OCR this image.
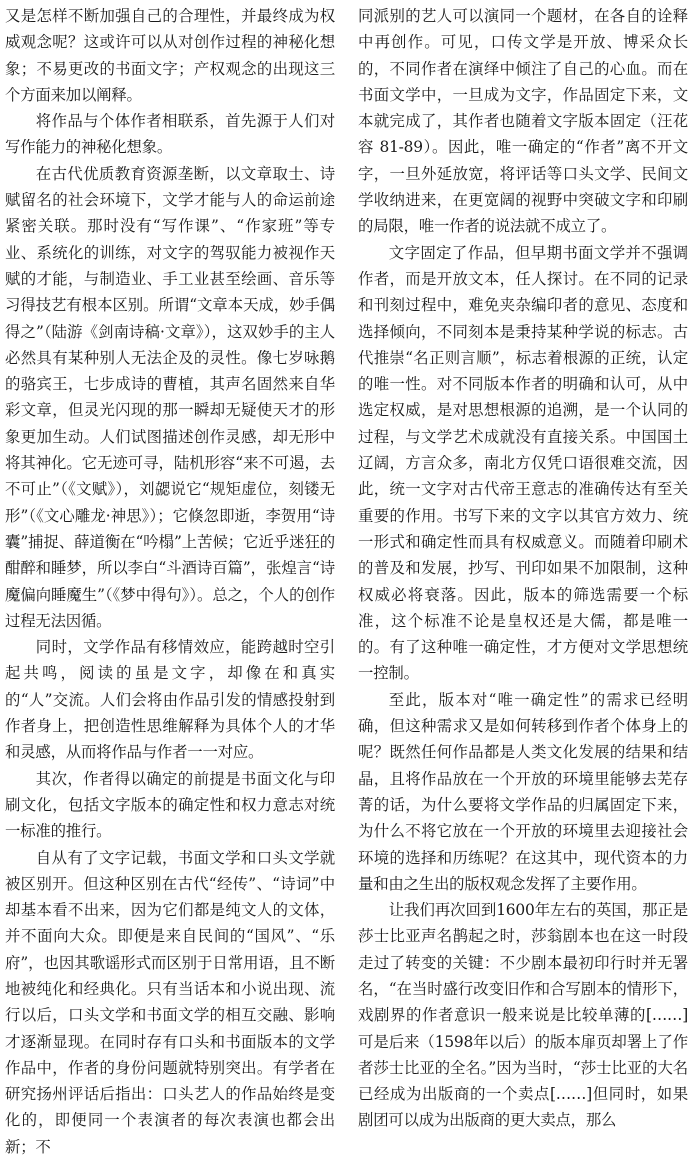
又是怎样不断加强自己的合理性，并最终成为权威观念呢？这或许可以从对创作过程的神秘化想象；不易更改的书面文字；产权观念的出现这三个方面来加以阐释。

将作品与个体作者相联系，首先源于人们对写作能力的神秘化想象。

在古代优质教育资源垄断，以文章取士、诗赋留名的社会环境下，文学才能与人的命运前途紧密关联。那时没有“写作课”、“作家班”等专业、系统化的训练，对文字的驾驭能力被视作天赋的才能，与制造业、手工业甚至绘画、音乐等习得技艺有根本区别。所谓“文章本天成，妙手偶得之”（陆游《剑南诗稿·文章》），这双妙手的主人必然具有某种别人无法企及的灵性。像七岁咏鹅的骆宾王，七步成诗的曹植，其声名固然来自华彩文章，但灵光闪现的那一瞬却无疑使天才的形象更加生动。人们试图描述创作灵感，却无形中将其神化。它无迹可寻，陆机形容“来不可遏，去不可止”（《文赋》），刘勰说它“规矩虚位，刻镂无形”（《文心雕龙·神思》）；它倏忽即逝，李贺用“诗囊”捕捉、薛道衡在“吟榻”上苦候；它近乎迷狂的酣醉和睡梦，所以李白“斗酒诗百篇”，张煌言“诗魔偏向睡魔生”（《梦中得句》）。总之，个人的创作过程无法因循。

同时，文学作品有移情效应，能跨越时空引起共鸣，阅读的虽是文字，却像在和真实的“人”交流。人们会将由作品引发的情感投射到作者身上，把创造性思维解释为具体个人的才华和灵感，从而将作品与作者一一对应。

其次，作者得以确定的前提是书面文化与印刷文化，包括文字版本的确定性和权力意志对统一标准的推行。

自从有了文字记载，书面文学和口头文学就被区别开。但这种区别在古代“经传”、“诗词”中却基本看不出来，因为它们都是纯文人的文体，并不面向大众。即便是来自民间的“国风”、“乐府”，也因其歌谣形式而区别于日常用语，且不断地被纯化和经典化。只有当话本和小说出现、流行以后，口头文学和书面文学的相互交融、影响才逐渐显现。在同时存有口头和书面版本的文学作品中，作者的身份问题就特别突出。有学者在研究扬州评话后指出：口头艺人的作品始终是变化的，即便同一个表演者的每次表演也都会出新；不

同派别的艺人可以演同一个题材，在各自的诠释中再创作。可见，口传文学是开放、博采众长的，不同作者在演绎中倾注了自己的心血。而在书面文学中，一旦成为文字，作品固定下来，文本就完成了，其作者也随着文字版本固定（汪花容 81-89）。因此，唯一确定的“作者”离不开文字，一旦外延放宽，将评话等口头文学、民间文学收纳进来，在更宽阔的视野中突破文字和印刷的局限，唯一作者的说法就不成立了。

文字固定了作品，但早期书面文学并不强调作者，而是开放文本，任人探讨。在不同的记录和刊刻过程中，难免夹杂编印者的意见、态度和选择倾向，不同刻本是秉持某种学说的标志。古代推崇“名正则言顺”，标志着根源的正统，认定的唯一性。对不同版本作者的明确和认可，从中选定权威，是对思想根源的追溯，是一个认同的过程，与文学艺术成就没有直接关系。中国国土辽阔，方言众多，南北方仅凭口语很难交流，因此，统一文字对古代帝王意志的准确传达有至关重要的作用。书写下来的文字以其官方效力、统一形式和确定性而具有权威意义。而随着印刷术的普及和发展，抄写、刊印如果不加限制，这种权威必将衰落。因此，版本的筛选需要一个标准，这个标准不论是皇权还是大儒，都是唯一的。有了这种唯一确定性，才方便对文学思想统一控制。

至此，版本对“唯一确定性”的需求已经明确，但这种需求又是如何转移到作者个体身上的呢？既然任何作品都是人类文化发展的结果和结晶，且将作品放在一个开放的环境里能够去芜存菁的话，为什么要将文学作品的归属固定下来，为什么不将它放在一个开放的环境里去迎接社会环境的选择和历练呢？在这其中，现代资本的力量和由之生出的版权观念发挥了主要作用。

让我们再次回到1600年左右的英国，那正是莎士比亚声名鹊起之时，莎翁剧本也在这一时段走过了转变的关键：不少剧本最初印行时并无署名，“在当时盛行改变旧作和合写剧本的情形下，戏剧界的作者意识一般来说是比较单薄的[……]可是后来（1598年以后）的版本扉页却署上了作者莎士比亚的全名。”因为当时，“莎士比亚的大名已经成为出版商的一个卖点[……]但同时，如果剧团可以成为出版商的更大卖点，那么
